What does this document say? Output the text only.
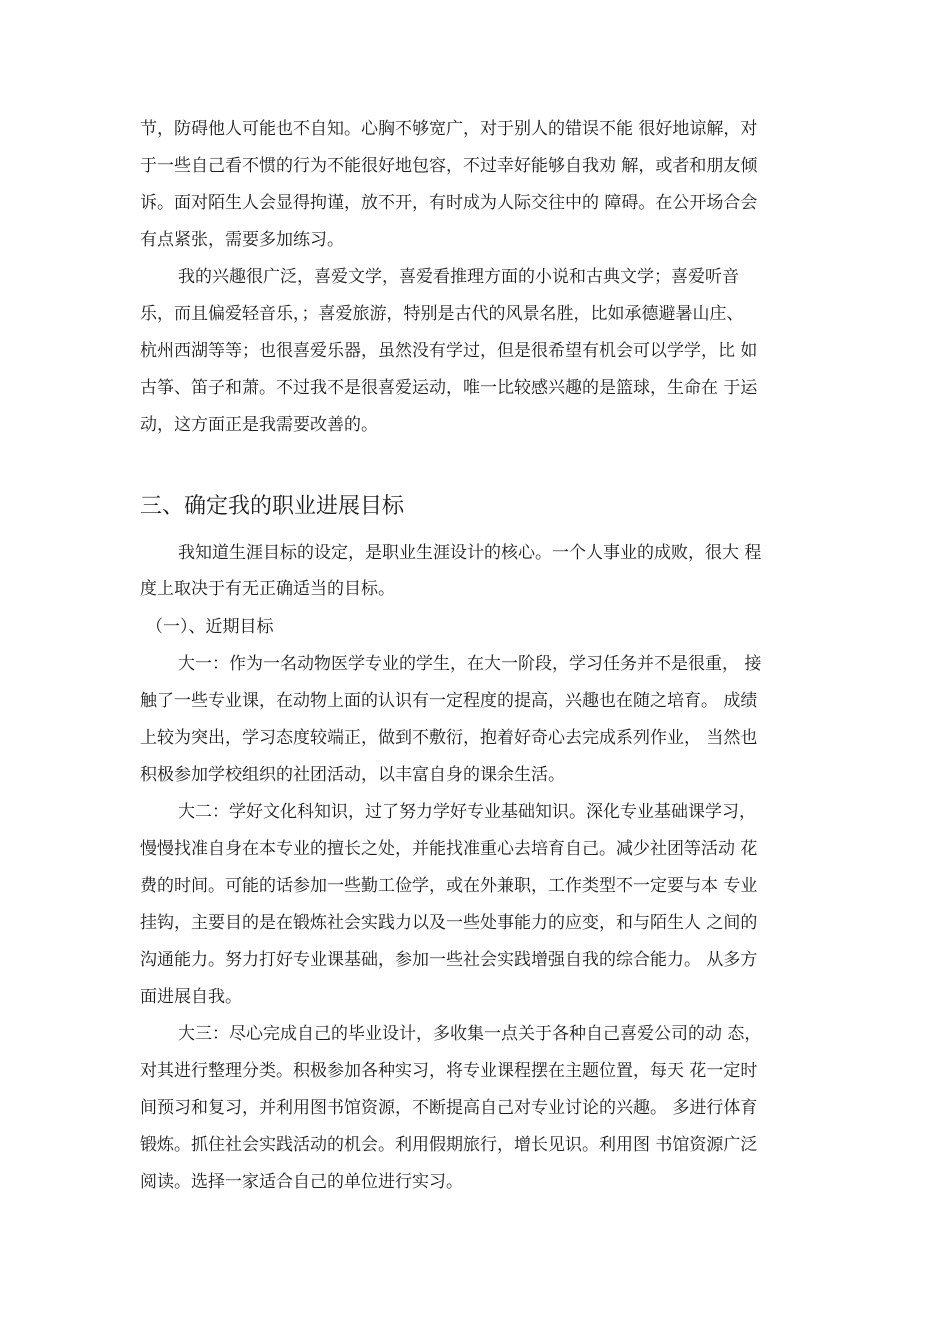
节，防碍他人可能也不自知。心胸不够宽广，对于别人的错误不能 很好地谅解，对
于一些自己看不惯的行为不能很好地包容，不过幸好能够自我劝 解，或者和朋友倾
诉。面对陌生人会显得拘谨，放不开，有时成为人际交往中的 障碍。在公开场合会
有点紧张，需要多加练习。
我的兴趣很广泛，喜爱文学，喜爱看推理方面的小说和古典文学；喜爱听音
乐，而且偏爱轻音乐，；喜爱旅游，特别是古代的风景名胜，比如承德避暑山庄、
杭州西湖等等；也很喜爱乐器，虽然没有学过，但是很希望有机会可以学学，比 如
古筝、笛子和萧。不过我不是很喜爱运动，唯一比较感兴趣的是篮球，生命在 于运
动，这方面正是我需要改善的。
三、确定我的职业进展目标
我知道生涯目标的设定，是职业生涯设计的核心。一个人事业的成败，很大 程
度上取决于有无正确适当的目标。
（一）、近期目标
大一：作为一名动物医学专业的学生，在大一阶段，学习任务并不是很重， 接
触了一些专业课，在动物上面的认识有一定程度的提高，兴趣也在随之培育。 成绩
上较为突出，学习态度较端正，做到不敷衍，抱着好奇心去完成系列作业， 当然也
积极参加学校组织的社团活动，以丰富自身的课余生活。
大二：学好文化科知识，过了努力学好专业基础知识。深化专业基础课学习，
慢慢找准自身在本专业的擅长之处，并能找准重心去培育自己。减少社团等活动 花
费的时间。可能的话参加一些勤工俭学，或在外兼职，工作类型不一定要与本 专业
挂钩，主要目的是在锻炼社会实践力以及一些处事能力的应变，和与陌生人 之间的
沟通能力。努力打好专业课基础，参加一些社会实践增强自我的综合能力。 从多方
面进展自我。
大三：尽心完成自己的毕业设计，多收集一点关于各种自己喜爱公司的动 态，
对其进行整理分类。积极参加各种实习，将专业课程摆在主题位置，每天 花一定时
间预习和复习，并利用图书馆资源，不断提高自己对专业讨论的兴趣。 多进行体育
锻炼。抓住社会实践活动的机会。利用假期旅行，增长见识。利用图 书馆资源广泛
阅读。选择一家适合自己的单位进行实习。
